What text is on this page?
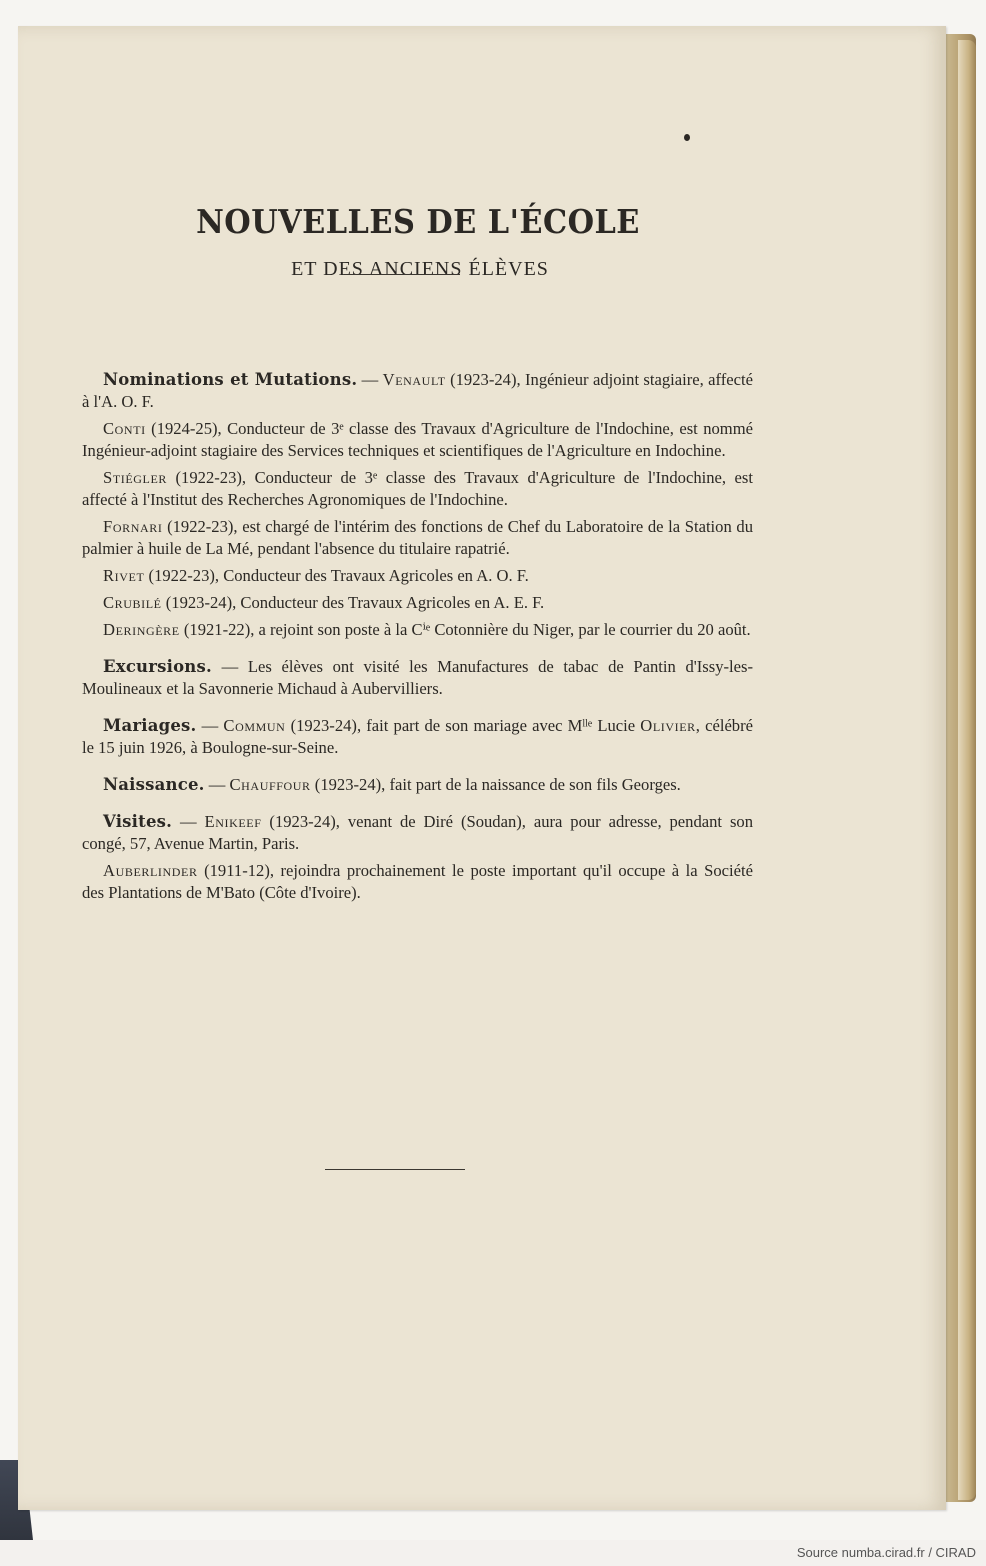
NOUVELLES DE L'ÉCOLE
ET DES ANCIENS ÉLÈVES

Nominations et Mutations. — Venault (1923-24), Ingénieur adjoint stagiaire, affecté à l'A. O. F.

Conti (1924-25), Conducteur de 3ᵉ classe des Travaux d'Agriculture de l'Indochine, est nommé Ingénieur-adjoint stagiaire des Services techniques et scientifiques de l'Agriculture en Indochine.

Stiégler (1922-23), Conducteur de 3ᵉ classe des Travaux d'Agriculture de l'Indochine, est affecté à l'Institut des Recherches Agronomiques de l'Indochine.

Fornari (1922-23), est chargé de l'intérim des fonctions de Chef du Laboratoire de la Station du palmier à huile de La Mé, pendant l'absence du titulaire rapatrié.

Rivet (1922-23), Conducteur des Travaux Agricoles en A. O. F.

Crubilé (1923-24), Conducteur des Travaux Agricoles en A. E. F.

Deringère (1921-22), a rejoint son poste à la Cⁱᵉ Cotonnière du Niger, par le courrier du 20 août.

Excursions. — Les élèves ont visité les Manufactures de tabac de Pantin d'Issy-les-Moulineaux et la Savonnerie Michaud à Aubervilliers.

Mariages. — Commun (1923-24), fait part de son mariage avec Mˡˡᵉ Lucie Olivier, célébré le 15 juin 1926, à Boulogne-sur-Seine.

Naissance. — Chauffour (1923-24), fait part de la naissance de son fils Georges.

Visites. — Enikeef (1923-24), venant de Diré (Soudan), aura pour adresse, pendant son congé, 57, Avenue Martin, Paris.

Auberlinder (1911-12), rejoindra prochainement le poste important qu'il occupe à la Société des Plantations de M'Bato (Côte d'Ivoire).

Source numba.cirad.fr / CIRAD
